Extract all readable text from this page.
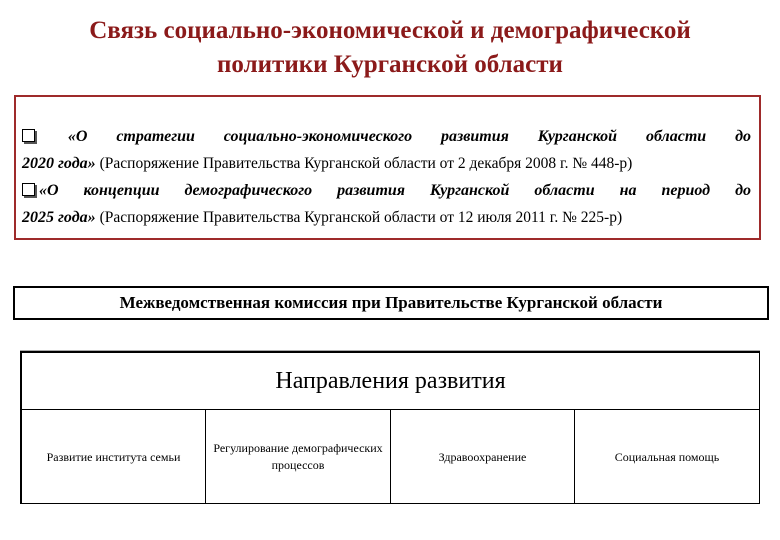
Связь социально-экономической и демографической
политики Курганской области
«О стратегии социально-экономического развития Курганской области до
2020 года» (Распоряжение Правительства Курганской области от 2 декабря 2008 г. № 448-р)
«О концепции демографического развития Курганской области на период до
2025 года» (Распоряжение Правительства Курганской области от 12 июля 2011 г. № 225-р)
Межведомственная комиссия при Правительстве Курганской области
Направления развития
Развитие института семьи
Регулирование демографических процессов
Здравоохранение	Социальная помощь
